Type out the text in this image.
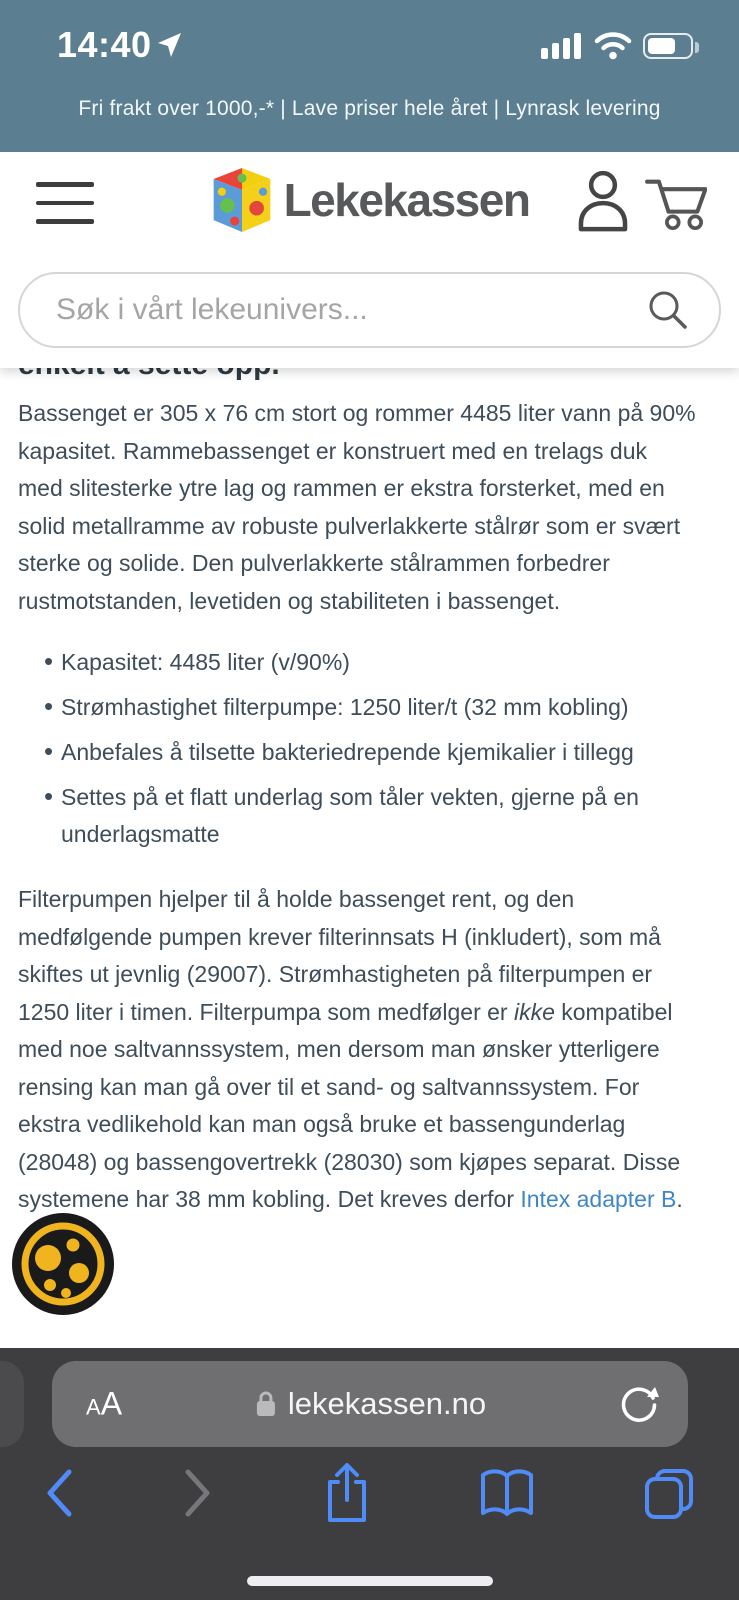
14:40
Fri frakt over 1000,-* | Lave priser hele året | Lynrask levering
Lekekassen
Søk i vårt lekeunivers...

Bassenget er 305 x 76 cm stort og rommer 4485 liter vann på 90% kapasitet. Rammebassenget er konstruert med en trelags duk med slitesterke ytre lag og rammen er ekstra forsterket, med en solid metallramme av robuste pulverlakkerte stålrør som er svært sterke og solide. Den pulverlakkerte stålrammen forbedrer rustmotstanden, levetiden og stabiliteten i bassenget.

• Kapasitet: 4485 liter (v/90%)
• Strømhastighet filterpumpe: 1250 liter/t (32 mm kobling)
• Anbefales å tilsette bakteriedrepende kjemikalier i tillegg
• Settes på et flatt underlag som tåler vekten, gjerne på en underlagsmatte

Filterpumpen hjelper til å holde bassenget rent, og den medfølgende pumpen krever filterinnsats H (inkludert), som må skiftes ut jevnlig (29007). Strømhastigheten på filterpumpen er 1250 liter i timen. Filterpumpa som medfølger er ikke kompatibel med noe saltvannssystem, men dersom man ønsker ytterligere rensing kan man gå over til et sand- og saltvannssystem. For ekstra vedlikehold kan man også bruke et bassengunderlag (28048) og bassengovertrekk (28030) som kjøpes separat. Disse systemene har 38 mm kobling. Det kreves derfor Intex adapter B.

A A	lekekassen.no
